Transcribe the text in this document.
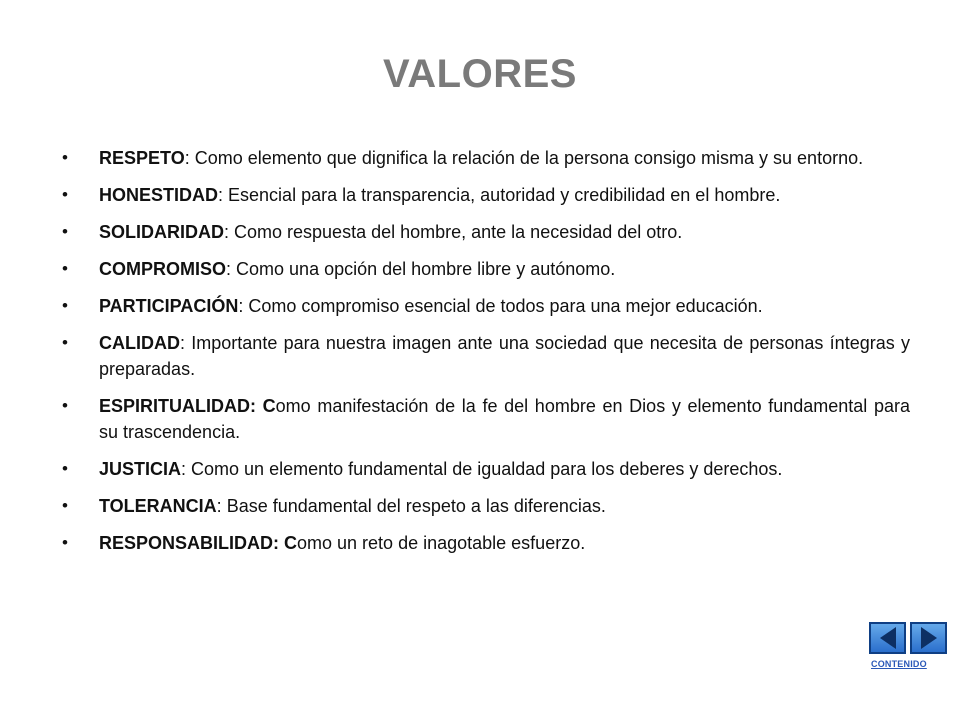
VALORES
• RESPETO: Como elemento que dignifica la relación de la persona consigo misma y su entorno.
• HONESTIDAD: Esencial para la transparencia, autoridad y credibilidad en el hombre.
• SOLIDARIDAD: Como respuesta del hombre, ante la necesidad del otro.
• COMPROMISO: Como una opción del hombre libre y autónomo.
• PARTICIPACIÓN: Como compromiso esencial de todos para una mejor educación.
• CALIDAD: Importante para nuestra imagen ante una sociedad que necesita de personas íntegras y preparadas.
• ESPIRITUALIDAD: Como manifestación de la fe del hombre en Dios y elemento fundamental para su trascendencia.
• JUSTICIA: Como un elemento fundamental de igualdad para los deberes y derechos.
• TOLERANCIA: Base fundamental del respeto a las diferencias.
• RESPONSABILIDAD: Como un reto de inagotable esfuerzo.
CONTENIDO
